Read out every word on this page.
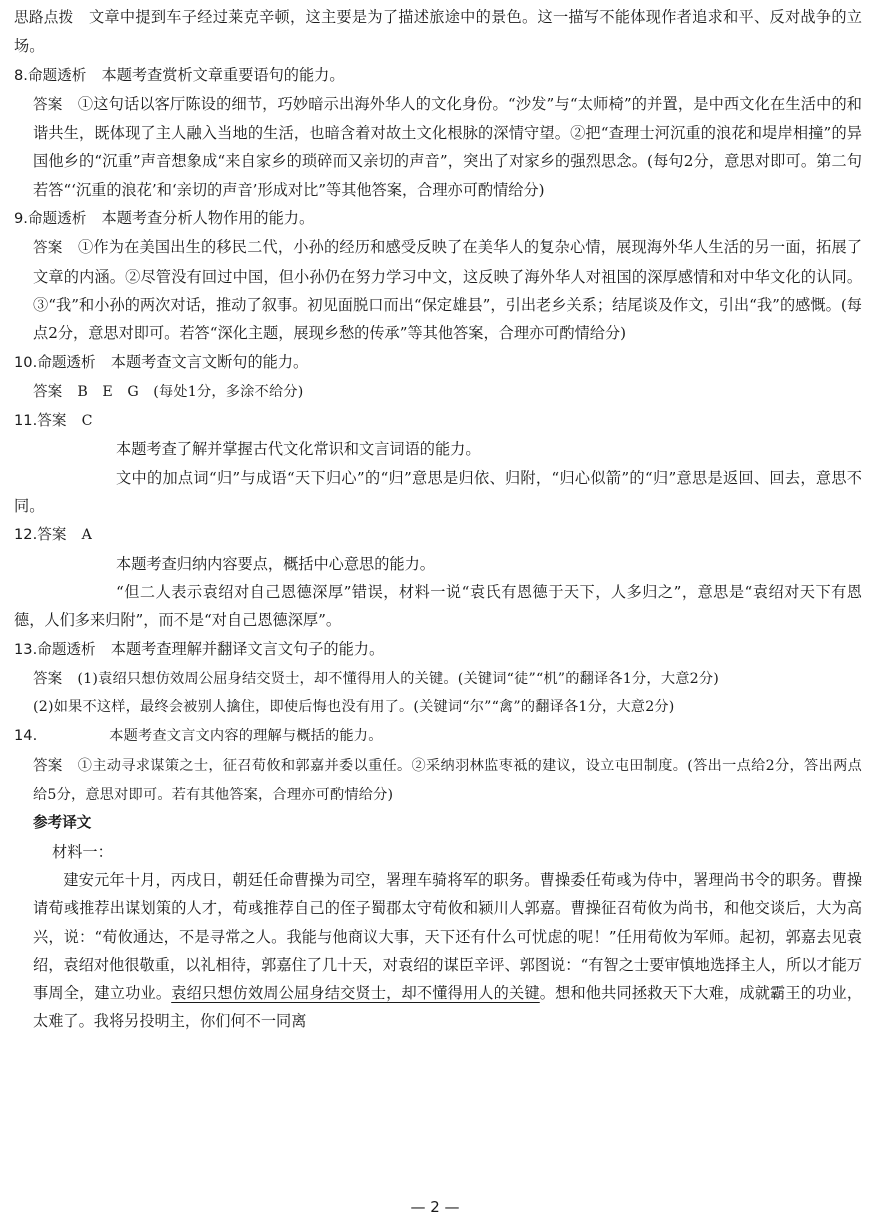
思路点拨　 文章中提到车子经过莱克辛顿，这主要是为了描述旅途中的景色。这一描写不能体现作者追求和平、反对战争的立场。

8.命题透析　 本题考查赏析文章重要语句的能力。

答案　 ①这句话以客厅陈设的细节，巧妙暗示出海外华人的文化身份。“沙发”与“太师椅”的并置，是中西文化在生活中的和谐共生，既体现了主人融入当地的生活，也暗含着对故土文化根脉的深情守望。②把“查理士河沉重的浪花和堤岸相撞”的异国他乡的“沉重”声音想象成“来自家乡的琐碎而又亲切的声音”，突出了对家乡的强烈思念。(每句2分，意思对即可。第二句若答“‘沉重的浪花’和‘亲切的声音’形成对比”等其他答案，合理亦可酌情给分)

9.命题透析　 本题考查分析人物作用的能力。

答案　 ①作为在美国出生的移民二代，小孙的经历和感受反映了在美华人的复杂心情，展现海外华人生活的另一面，拓展了文章的内涵。②尽管没有回过中国，但小孙仍在努力学习中文，这反映了海外华人对祖国的深厚感情和对中华文化的认同。③“我”和小孙的两次对话，推动了叙事。初见面脱口而出“保定雄县”，引出老乡关系；结尾谈及作文，引出“我”的感慨。(每点2分，意思对即可。若答“深化主题，展现乡愁的传承”等其他答案，合理亦可酌情给分)

10.命题透析　 本题考查文言文断句的能力。

答案　 B　E　G　(每处1分，多涂不给分)

11.答案　 C

本题考查了解并掌握古代文化常识和文言词语的能力。

文中的加点词“归”与成语“天下归心”的“归”意思是归依、归附，“归心似箭”的“归”意思是返回、回去，意思不同。

12.答案　 A

本题考查归纳内容要点，概括中心意思的能力。

“但二人表示袁绍对自己恩德深厚”错误，材料一说“袁氏有恩德于天下，人多归之”，意思是“袁绍对天下有恩德，人们多来归附”，而不是“对自己恩德深厚”。

13.命题透析　 本题考查理解并翻译文言文句子的能力。

答案　 (1)袁绍只想仿效周公屈身结交贤士，却不懂得用人的关键。(关键词“徒”“机”的翻译各1分，大意2分)

(2)如果不这样，最终会被别人擒住，即使后悔也没有用了。(关键词“尔”“禽”的翻译各1分，大意2分)

14.	本题考查文言文内容的理解与概括的能力。

答案　 ①主动寻求谋策之士，征召荀攸和郭嘉并委以重任。②采纳羽林监枣祗的建议，设立屯田制度。(答出一点给2分，答出两点给5分，意思对即可。若有其他答案，合理亦可酌情给分)

参考译文

材料一：

建安元年十月，丙戌日，朝廷任命曹操为司空，署理车骑将军的职务。曹操委任荀彧为侍中，署理尚书令的职务。曹操请荀彧推荐出谋划策的人才，荀彧推荐自己的侄子蜀郡太守荀攸和颍川人郭嘉。曹操征召荀攸为尚书，和他交谈后，大为高兴，说：“荀攸通达，不是寻常之人。我能与他商议大事，天下还有什么可忧虑的呢！”任用荀攸为军师。起初，郭嘉去见袁绍，袁绍对他很敬重，以礼相待，郭嘉住了几十天，对袁绍的谋臣辛评、郭图说：“有智之士要审慎地选择主人，所以才能万事周全，建立功业。袁绍只想仿效周公屈身结交贤士，却不懂得用人的关键。想和他共同拯救天下大难，成就霸王的功业，太难了。我将另投明主，你们何不一同离

— 2 —
